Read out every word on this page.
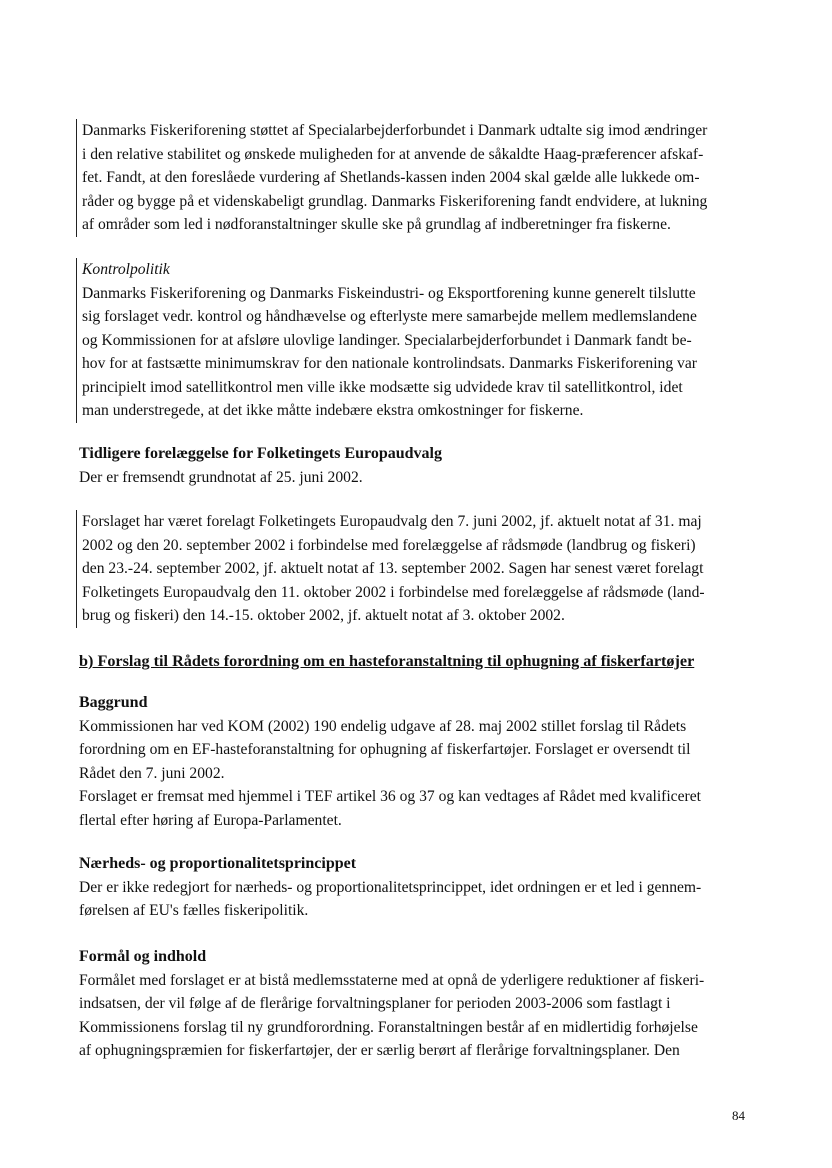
Danmarks Fiskeriforening støttet af Specialarbejderforbundet i Danmark udtalte sig imod ændringer
i den relative stabilitet og ønskede muligheden for at anvende de såkaldte Haag-præferencer afskaf-
fet. Fandt, at den foreslåede vurdering af Shetlands-kassen inden 2004 skal gælde alle lukkede om-
råder og bygge på et videnskabeligt grundlag. Danmarks Fiskeriforening fandt endvidere, at lukning
af områder som led i nødforanstaltninger skulle ske på grundlag af indberetninger fra fiskerne.
Kontrolpolitik
Danmarks Fiskeriforening og Danmarks Fiskeindustri- og Eksportforening kunne generelt tilslutte
sig forslaget vedr. kontrol og håndhævelse og efterlyste mere samarbejde mellem medlemslandene
og Kommissionen for at afsløre ulovlige landinger. Specialarbejderforbundet i Danmark fandt be-
hov for at fastsætte minimumskrav for den nationale kontrolindsats. Danmarks Fiskeriforening var
principielt imod satellitkontrol men ville ikke modsætte sig udvidede krav til satellitkontrol, idet
man understregede, at det ikke måtte indebære ekstra omkostninger for fiskerne.
Tidligere forelæggelse for Folketingets Europaudvalg
Der er fremsendt grundnotat af 25. juni 2002.
Forslaget har været forelagt Folketingets Europaudvalg den 7. juni 2002, jf. aktuelt notat af 31. maj
2002 og den 20. september 2002 i forbindelse med forelæggelse af rådsmøde (landbrug og fiskeri)
den 23.-24. september 2002, jf. aktuelt notat af 13. september 2002. Sagen har senest været forelagt
Folketingets Europaudvalg den 11. oktober 2002 i forbindelse med forelæggelse af rådsmøde (land-
brug og fiskeri) den 14.-15. oktober 2002, jf. aktuelt notat af 3. oktober 2002.
b) Forslag til Rådets forordning om en hasteforanstaltning til ophugning af fiskerfartøjer
Baggrund
Kommissionen har ved KOM (2002) 190 endelig udgave af 28. maj 2002 stillet forslag til Rådets
forordning om en EF-hasteforanstaltning for ophugning af fiskerfartøjer. Forslaget er oversendt til
Rådet den 7. juni 2002.
Forslaget er fremsat med hjemmel i TEF artikel 36 og 37 og kan vedtages af Rådet med kvalificeret
flertal efter høring af Europa-Parlamentet.
Nærheds- og proportionalitetsprincippet
Der er ikke redegjort for nærheds- og proportionalitetsprincippet, idet ordningen er et led i gennem-
førelsen af EU's fælles fiskeripolitik.
Formål og indhold
Formålet med forslaget er at bistå medlemsstaterne med at opnå de yderligere reduktioner af fiskeri-
indsatsen, der vil følge af de flerårige forvaltningsplaner for perioden 2003-2006 som fastlagt i
Kommissionens forslag til ny grundforordning. Foranstaltningen består af en midlertidig forhøjelse
af ophugningspræmien for fiskerfartøjer, der er særlig berørt af flerårige forvaltningsplaner. Den
84
